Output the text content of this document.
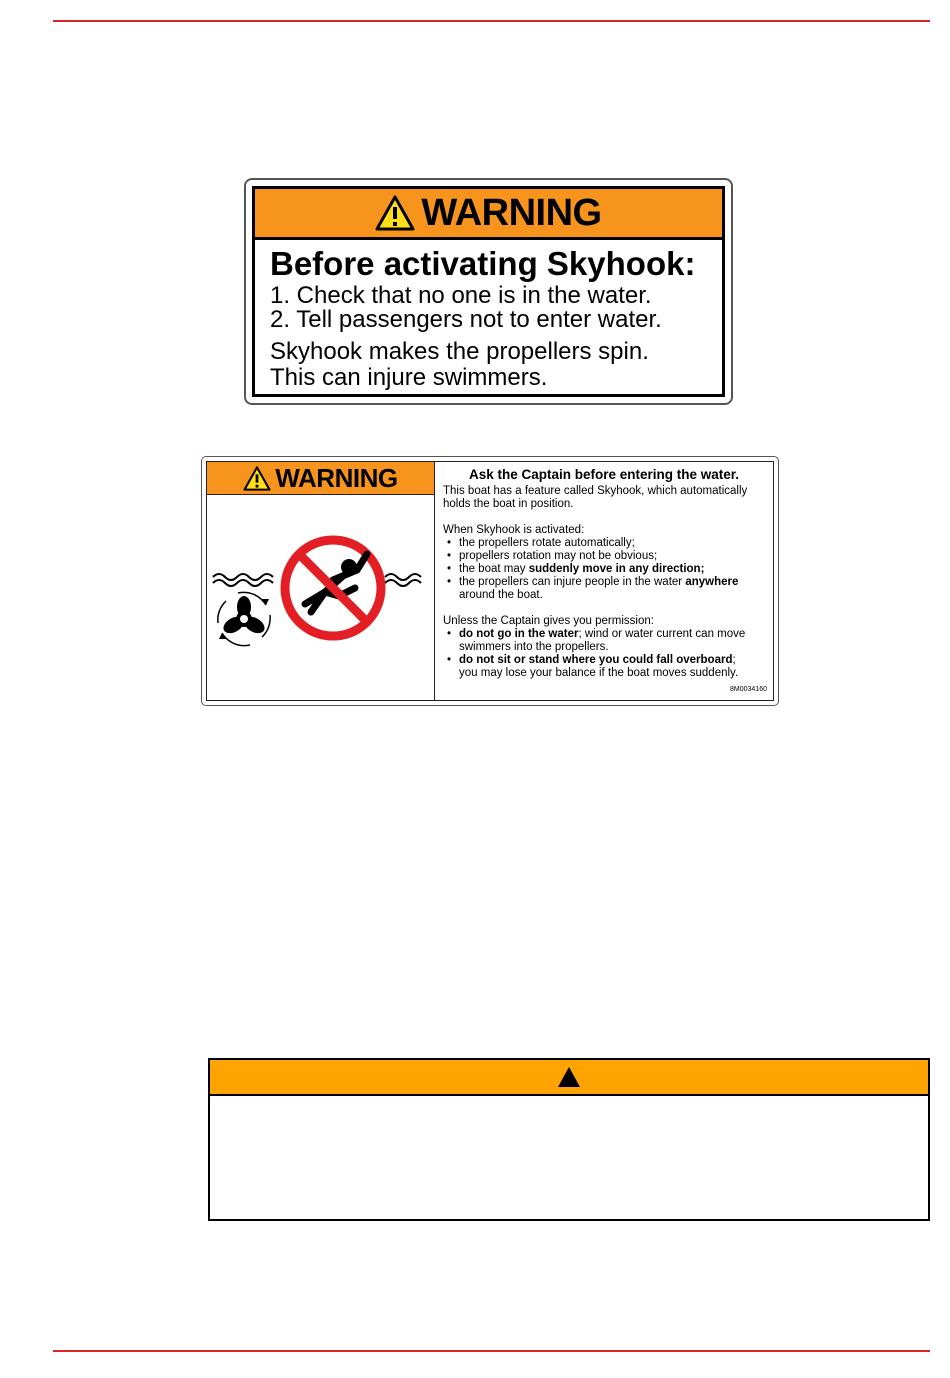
WARNING
Before activating Skyhook:
1. Check that no one is in the water.
2. Tell passengers not to enter water.
Skyhook makes the propellers spin.
This can injure swimmers.
WARNING	Ask the Captain before entering the water.
This boat has a feature called Skyhook, which automatically
holds the boat in position.
When Skyhook is activated:
• the propellers rotate automatically;
• propellers rotation may not be obvious;
• the boat may suddenly move in any direction;
• the propellers can injure people in the water anywhere
around the boat.
Unless the Captain gives you permission:
• do not go in the water; wind or water current can move
swimmers into the propellers.
• do not sit or stand where you could fall overboard;
you may lose your balance if the boat moves suddenly.
8M0034160
